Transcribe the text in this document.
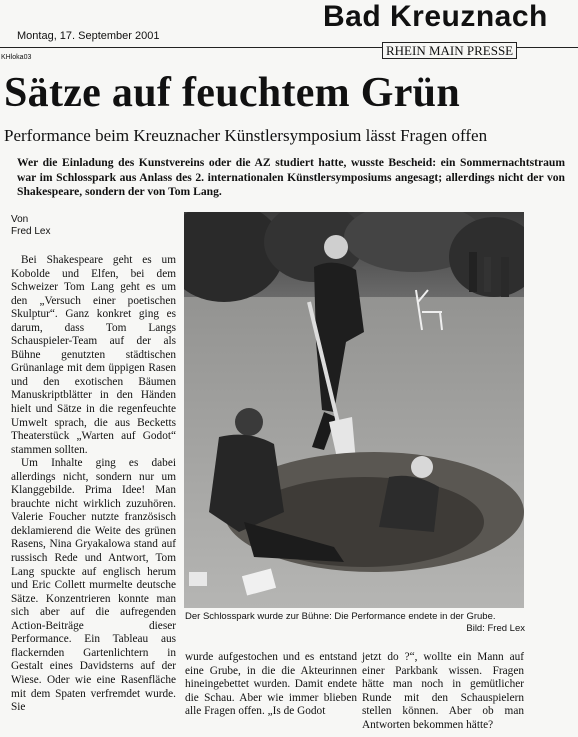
Montag, 17. September 2001
Bad Kreuznach
RHEIN MAIN PRESSE
KHloka03
Sätze auf feuchtem Grün
Performance beim Kreuznacher Künstlersymposium lässt Fragen offen
Wer die Einladung des Kunstvereins oder die AZ studiert hatte, wusste Bescheid: ein Sommernachtstraum war im Schlosspark aus Anlass des 2. internationalen Künstlersymposiums angesagt; allerdings nicht der von Shakespeare, sondern der von Tom Lang.
Von
Fred Lex

Bei Shakespeare geht es um Kobolde und Elfen, bei dem Schweizer Tom Lang geht es um den „Versuch einer poetischen Skulptur“. Ganz konkret ging es darum, dass Tom Langs Schauspieler-Team auf der als Bühne genutzten städtischen Grünanlage mit dem üppigen Rasen und den exotischen Bäumen Manuskriptblätter in den Händen hielt und Sätze in die regenfeuchte Umwelt sprach, die aus Becketts Theaterstück „Warten auf Godot“ stammen sollten.

Um Inhalte ging es dabei allerdings nicht, sondern nur um Klanggebilde. Prima Idee! Man brauchte nicht wirklich zuzuhören. Valerie Foucher nutzte französisch deklamierend die Weite des grünen Rasens, Nina Gryakalowa stand auf russisch Rede und Antwort, Tom Lang spuckte auf englisch herum und Eric Collett murmelte deutsche Sätze. Konzentrieren konnte man sich aber auf die aufregenden Action-Beiträge dieser Performance. Ein Tableau aus flackernden Gartenlichtern in Gestalt eines Davidsterns auf der Wiese. Oder wie eine Rasenfläche mit dem Spaten verfremdet wurde. Sie

Der Schlosspark wurde zur Bühne: Die Performance endete in der Grube.
Bild: Fred Lex

wurde aufgestochen und es entstand eine Grube, in die die Akteurinnen hineingebettet wurden. Damit endete die Schau. Aber wie immer blieben alle Fragen offen. „Is de Godot

jetzt do ?“, wollte ein Mann auf einer Parkbank wissen. Fragen hätte man noch in gemütlicher Runde mit den Schauspielern stellen können. Aber ob man Antworten bekommen hätte?
